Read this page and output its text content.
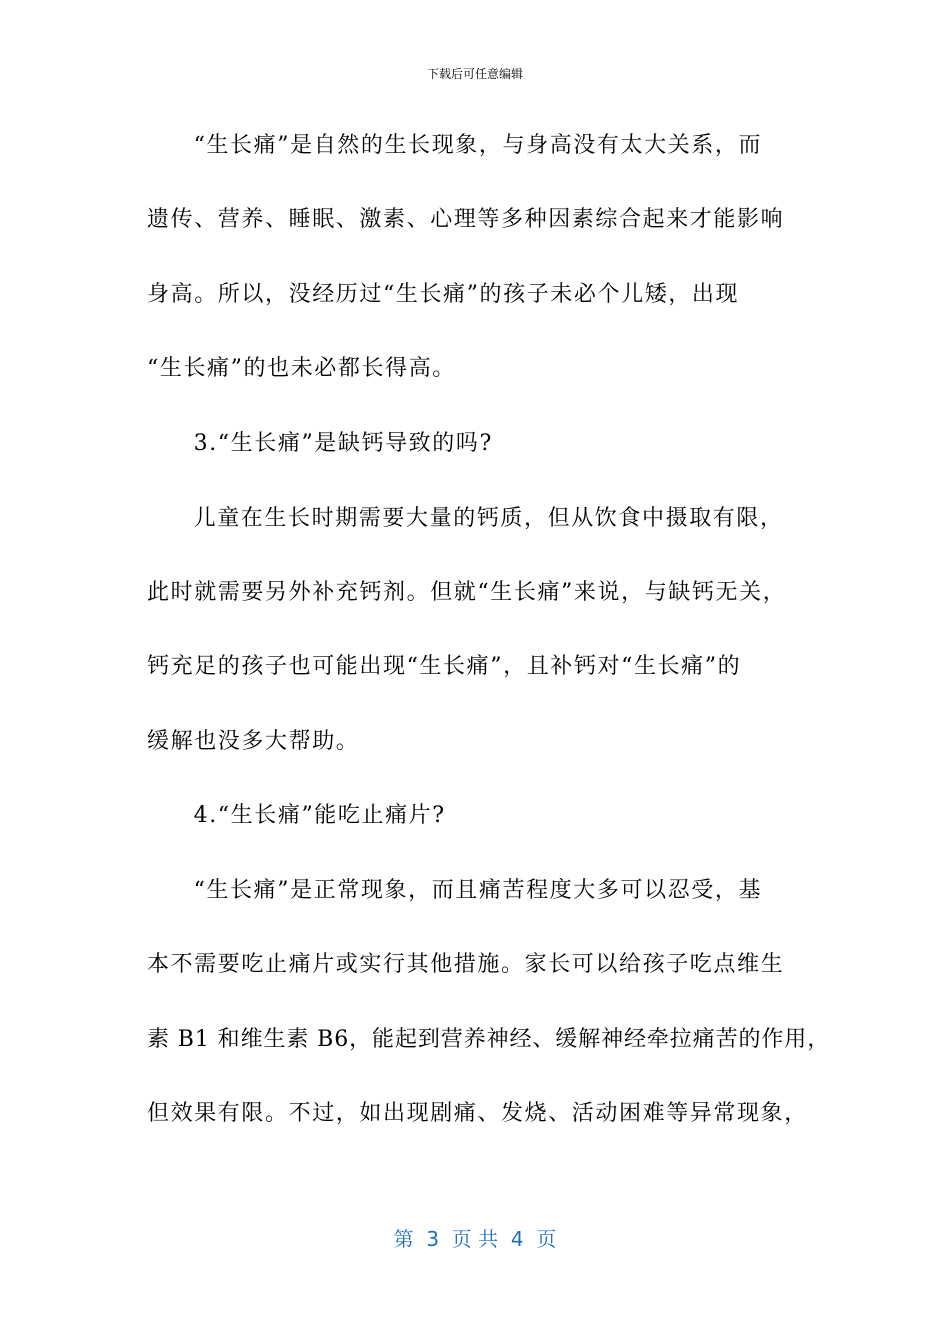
下载后可任意编辑
　“生长痛”是自然的生长现象，与身高没有太大关系，而
遗传、营养、睡眠、激素、心理等多种因素综合起来才能影响
身高。所以，没经历过“生长痛”的孩子未必个儿矮，出现
“生长痛”的也未必都长得高。
　3.“生长痛”是缺钙导致的吗?
　儿童在生长时期需要大量的钙质，但从饮食中摄取有限，
此时就需要另外补充钙剂。但就“生长痛”来说，与缺钙无关，
钙充足的孩子也可能出现“生长痛”，且补钙对“生长痛”的
缓解也没多大帮助。
　4.“生长痛”能吃止痛片?
　“生长痛”是正常现象，而且痛苦程度大多可以忍受，基
本不需要吃止痛片或实行其他措施。家长可以给孩子吃点维生
素 B1 和维生素 B6，能起到营养神经、缓解神经牵拉痛苦的作用，
但效果有限。不过，如出现剧痛、发烧、活动困难等异常现象，
第  3  页 共  4  页
